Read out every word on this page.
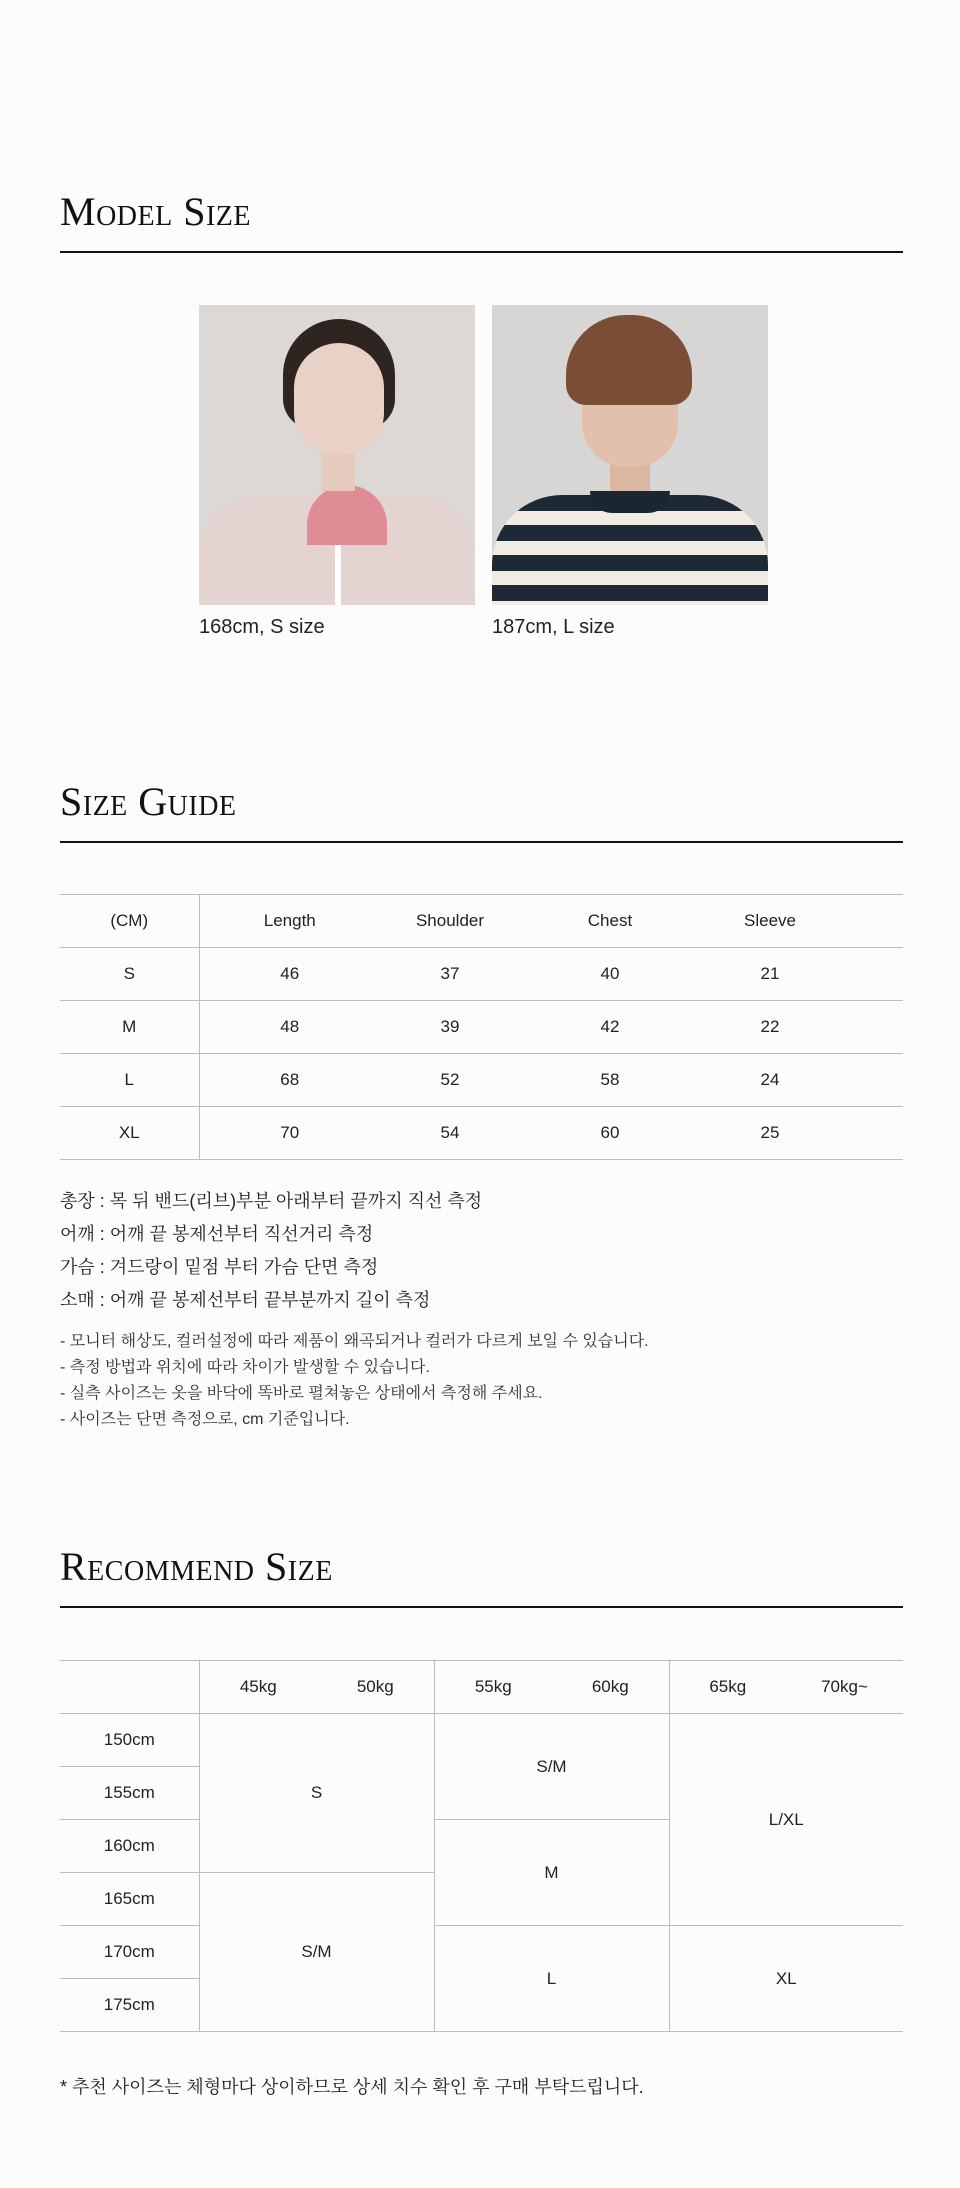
Model Size
168cm, S size	187cm, L size
Size Guide
(CM)	Length	Shoulder	Chest	Sleeve	
S	46	37	40	21	
M	48	39	42	22	
L	68	52	58	24	
XL	70	54	60	25	
총장 : 목 뒤 밴드(리브)부분 아래부터 끝까지 직선 측정
어깨 : 어깨 끝 봉제선부터 직선거리 측정
가슴 : 겨드랑이 밑점 부터 가슴 단면 측정
소매 : 어깨 끝 봉제선부터 끝부분까지 길이 측정
- 모니터 해상도, 컬러설정에 따라 제품이 왜곡되거나 컬러가 다르게 보일 수 있습니다.
- 측정 방법과 위치에 따라 차이가 발생할 수 있습니다.
- 실측 사이즈는 옷을 바닥에 똑바로 펼쳐놓은 상태에서 측정해 주세요.
- 사이즈는 단면 측정으로, cm 기준입니다.
Recommend Size
	45kg	50kg	55kg	60kg	65kg	70kg~
150cm	S		S/M		L/XL	
155cm						
160cm			M			
165cm	S/M					
170cm			L		XL	
175cm						
* 추천 사이즈는 체형마다 상이하므로 상세 치수 확인 후 구매 부탁드립니다.
